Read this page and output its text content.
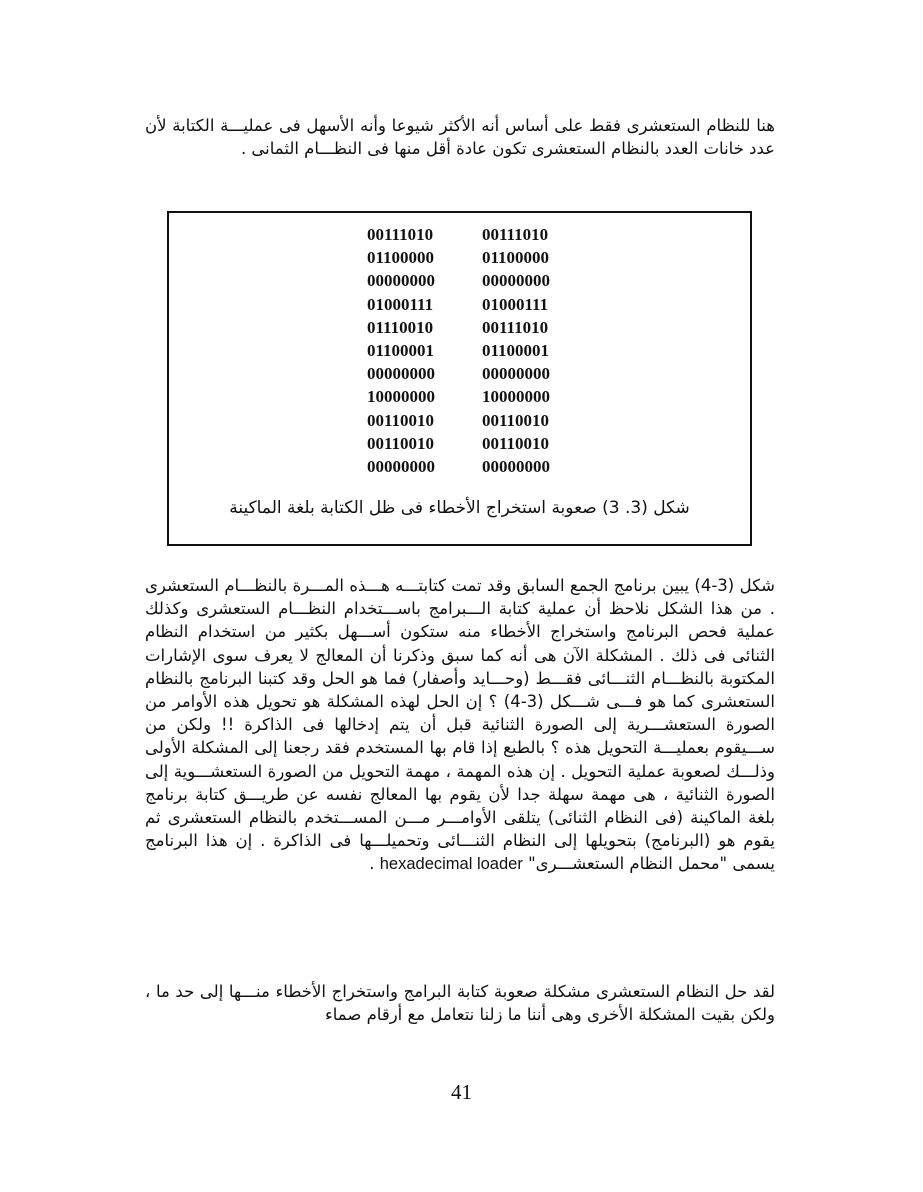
هنا للنظام الستعشرى فقط على أساس أنه الأكثر شيوعا وأنه الأسهل فى عمليـــة الكتابة لأن عدد خانات العدد بالنظام الستعشرى تكون عادة أقل منها فى النظـــام الثمانى .

00111010	00111010
01100000	01100000
00000000	00000000
01000111	01000111
01110010	00111010
01100001	01100001
00000000	00000000
10000000	10000000
00110010	00110010
00110010	00110010
00000000	00000000
شكل (3. 3) صعوبة استخراج الأخطاء فى ظل الكتابة بلغة الماكينة

شكل (3-4) يبين برنامج الجمع السابق وقد تمت كتابتـــه هـــذه المـــرة بالنظـــام الستعشرى . من هذا الشكل نلاحظ أن عملية كتابة الـــبرامج باســـتخدام النظـــام الستعشرى وكذلك عملية فحص البرنامج واستخراج الأخطاء منه ستكون أســـهل بكثير من استخدام النظام الثنائى فى ذلك . المشكلة الآن هى أنه كما سبق وذكرنا أن المعالج لا يعرف سوى الإشارات المكتوبة بالنظـــام الثنـــائى فقـــط (وحـــايد وأصفار) فما هو الحل وقد كتبنا البرنامج بالنظام الستعشرى كما هو فـــى شـــكل (3-4) ؟ إن الحل لهذه المشكلة هو تحويل هذه الأوامر من الصورة الستعشـــرية إلى الصورة الثنائية قبل أن يتم إدخالها فى الذاكرة !! ولكن من ســـيقوم بعمليـــة التحويل هذه ؟ بالطبع إذا قام بها المستخدم فقد رجعنا إلى المشكلة الأولى وذلـــك لصعوبة عملية التحويل . إن هذه المهمة ، مهمة التحويل من الصورة الستعشـــوية إلى الصورة الثنائية ، هى مهمة سهلة جدا لأن يقوم بها المعالج نفسه عن طريـــق كتابة برنامج بلغة الماكينة (فى النظام الثنائى) يتلقى الأوامـــر مـــن المســـتخدم بالنظام الستعشرى ثم يقوم هو (البرنامج) بتحويلها إلى النظام الثنـــائى وتحميلـــها فى الذاكرة . إن هذا البرنامج يسمى "محمل النظام الستعشـــرى" hexadecimal loader .

لقد حل النظام الستعشرى مشكلة صعوبة كتابة البرامج واستخراج الأخطاء منـــها إلى حد ما ، ولكن بقيت المشكلة الأخرى وهى أننا ما زلنا نتعامل مع أرقام صماء

41
